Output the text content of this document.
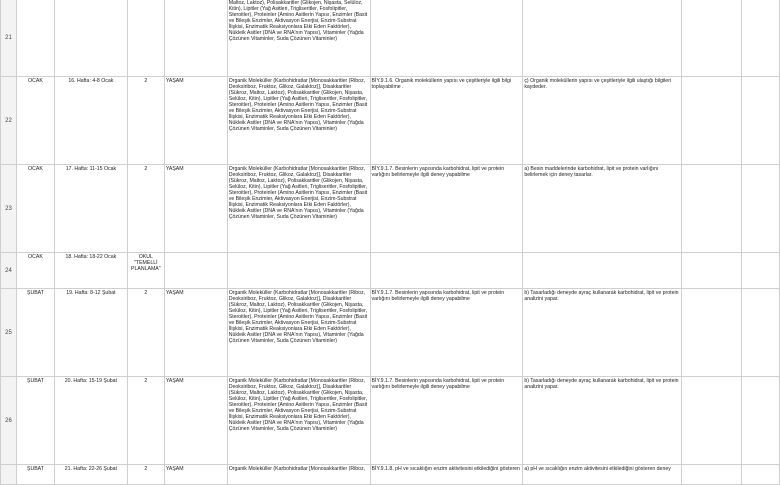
21					Maltoz, Laktoz), Polisakkaritler (Glikojen, Nişasta, Selüloz, Kitin), Lipitler (Yağ Asitleri, Trigliseritler, Fosfolipitler, Steroitler), Proteinler (Amino Asitlerin Yapısı, Enzimler (Basit ve Bileşik Enzimler, Aktivasyon Enerjisi, Enzim-Substrat İlişkisi, Enzimatik Reaksiyonlara Etki Eden Faktörler), Nükleik Asitler (DNA ve RNA'nın Yapısı), Vitaminler (Yağda Çözünen Vitaminler, Suda Çözünen Vitaminler)				
22	OCAK	16. Hafta: 4-8 Ocak	2	YAŞAM	Organik Moleküller (Karbohidratlar [Monosakkaritler (Riboz, Deoksiriboz, Fruktoz, Glikoz, Galaktoz)], Disakkaritler (Sükroz, Maltoz, Laktoz), Polisakkaritler (Glikojen, Nişasta, Selüloz, Kitin), Lipitler (Yağ Asitleri, Trigliseritler, Fosfolipitler, Steroitler), Proteinler (Amino Asitlerin Yapısı, Enzimler (Basit ve Bileşik Enzimler, Aktivasyon Enerjisi, Enzim-Substrat İlişkisi, Enzimatik Reaksiyonlara Etki Eden Faktörler), Nükleik Asitler (DNA ve RNA'nın Yapısı), Vitaminler (Yağda Çözünen Vitaminler, Suda Çözünen Vitaminler)	BİY.9.1.6. Organik moleküllerin yapısı ve çeşitleriyle ilgili bilgi toplayabilme .	ç) Organik moleküllerin yapısı ve çeşitleriyle ilgili ulaştığı bilgileri kaydeder.		
23	OCAK	17. Hafta: 11-15 Ocak	2	YAŞAM	Organik Moleküller (Karbohidratlar [Monosakkaritler (Riboz, Deoksiriboz, Fruktoz, Glikoz, Galaktoz)], Disakkaritler (Sükroz, Maltoz, Laktoz), Polisakkaritler (Glikojen, Nişasta, Selüloz, Kitin), Lipitler (Yağ Asitleri, Trigliseritler, Fosfolipitler, Steroitler), Proteinler (Amino Asitlerin Yapısı, Enzimler (Basit ve Bileşik Enzimler, Aktivasyon Enerjisi, Enzim-Substrat İlişkisi, Enzimatik Reaksiyonlara Etki Eden Faktörler), Nükleik Asitler (DNA ve RNA'nın Yapısı), Vitaminler (Yağda Çözünen Vitaminler, Suda Çözünen Vitaminler)	BİY.9.1.7. Besinlerin yapısında karbohidrat, lipit ve protein varlığını belirlemeyle ilgili deney yapabilme	a) Besin maddelerinde karbohidrat, lipit ve protein varlığını belirlemek için deney tasarlar.		
24	OCAK	18. Hafta: 18-22 Ocak	OKUL "TEMELLİ PLANLAMA"						
25	ŞUBAT	19. Hafta: 8-12 Şubat	2	YAŞAM	Organik Moleküller (Karbohidratlar [Monosakkaritler (Riboz, Deoksiriboz, Fruktoz, Glikoz, Galaktoz)], Disakkaritler (Sükroz, Maltoz, Laktoz), Polisakkaritler (Glikojen, Nişasta, Selüloz, Kitin), Lipitler (Yağ Asitleri, Trigliseritler, Fosfolipitler, Steroitler), Proteinler (Amino Asitlerin Yapısı, Enzimler (Basit ve Bileşik Enzimler, Aktivasyon Enerjisi, Enzim-Substrat İlişkisi, Enzimatik Reaksiyonlara Etki Eden Faktörler), Nükleik Asitler (DNA ve RNA'nın Yapısı), Vitaminler (Yağda Çözünen Vitaminler, Suda Çözünen Vitaminler)	BİY.9.1.7. Besinlerin yapısında karbohidrat, lipit ve protein varlığını belirlemeyle ilgili deney yapabilme	b) Tasarladığı deneyde ayraç kullanarak karbohidrat, lipit ve protein analizini yapar.		
26	ŞUBAT	20. Hafta: 15-19 Şubat	2	YAŞAM	Organik Moleküller (Karbohidratlar [Monosakkaritler (Riboz, Deoksiriboz, Fruktoz, Glikoz, Galaktoz)], Disakkaritler (Sükroz, Maltoz, Laktoz), Polisakkaritler (Glikojen, Nişasta, Selüloz, Kitin), Lipitler (Yağ Asitleri, Trigliseritler, Fosfolipitler, Steroitler), Proteinler (Amino Asitlerin Yapısı, Enzimler (Basit ve Bileşik Enzimler, Aktivasyon Enerjisi, Enzim-Substrat İlişkisi, Enzimatik Reaksiyonlara Etki Eden Faktörler), Nükleik Asitler (DNA ve RNA'nın Yapısı), Vitaminler (Yağda Çözünen Vitaminler, Suda Çözünen Vitaminler)	BİY.9.1.7. Besinlerin yapısında karbohidrat, lipit ve protein varlığını belirlemeyle ilgili deney yapabilme	b) Tasarladığı deneyde ayraç kullanarak karbohidrat, lipit ve protein analizini yapar.		
	ŞUBAT	21. Hafta: 22-26 Şubat	2	YAŞAM	Organik Moleküller (Karbohidratlar [Monosakkaritler (Riboz,	BİY.9.1.8. pH ve sıcaklığın enzim aktivitesini etkilediğini gösteren	a) pH ve sıcaklığın enzim aktivitesini etkilediğini gösteren deney		
